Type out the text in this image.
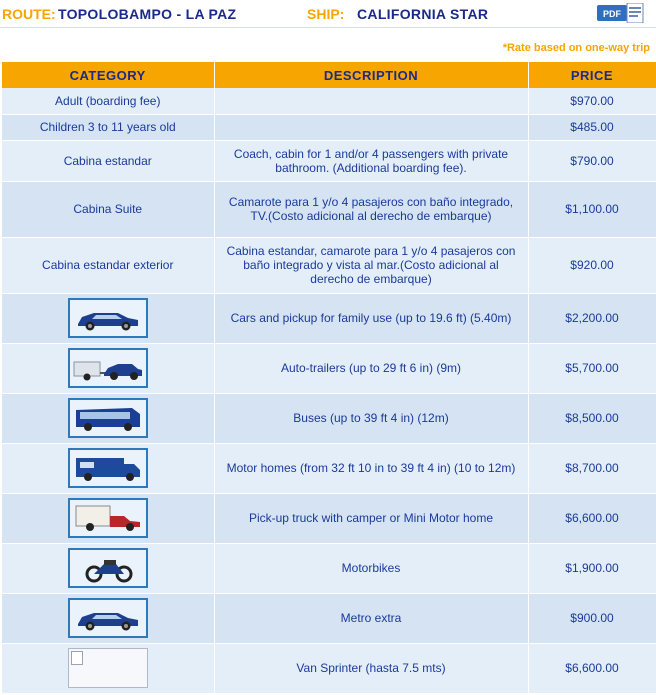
ROUTE: TOPOLOBAMPO - LA PAZ	SHIP: CALIFORNIA STAR	PDF
*Rate based on one-way trip
CATEGORY	DESCRIPTION	PRICE
Adult (boarding fee)		$970.00
Children 3 to 11 years old		$485.00
Cabina estandar	Coach, cabin for 1 and/or 4 passengers with private bathroom. (Additional boarding fee).	$790.00
Cabina Suite	Camarote para 1 y/o 4 pasajeros con baño integrado, TV.(Costo adicional al derecho de embarque)	$1,100.00
Cabina estandar exterior	Cabina estandar, camarote para 1 y/o 4 pasajeros con baño integrado y vista al mar.(Costo adicional al derecho de embarque)	$920.00

	Cars and pickup for family use (up to 19.6 ft) (5.40m)	$2,200.00

	Auto-trailers (up to 29 ft 6 in) (9m)	$5,700.00

	Buses (up to 39 ft 4 in) (12m)	$8,500.00

	Motor homes (from 32 ft 10 in to 39 ft 4 in) (10 to 12m)	$8,700.00

	Pick-up truck with camper or Mini Motor home	$6,600.00

	Motorbikes	$1,900.00

	Metro extra	$900.00

	Van Sprinter (hasta 7.5 mts)	$6,600.00
